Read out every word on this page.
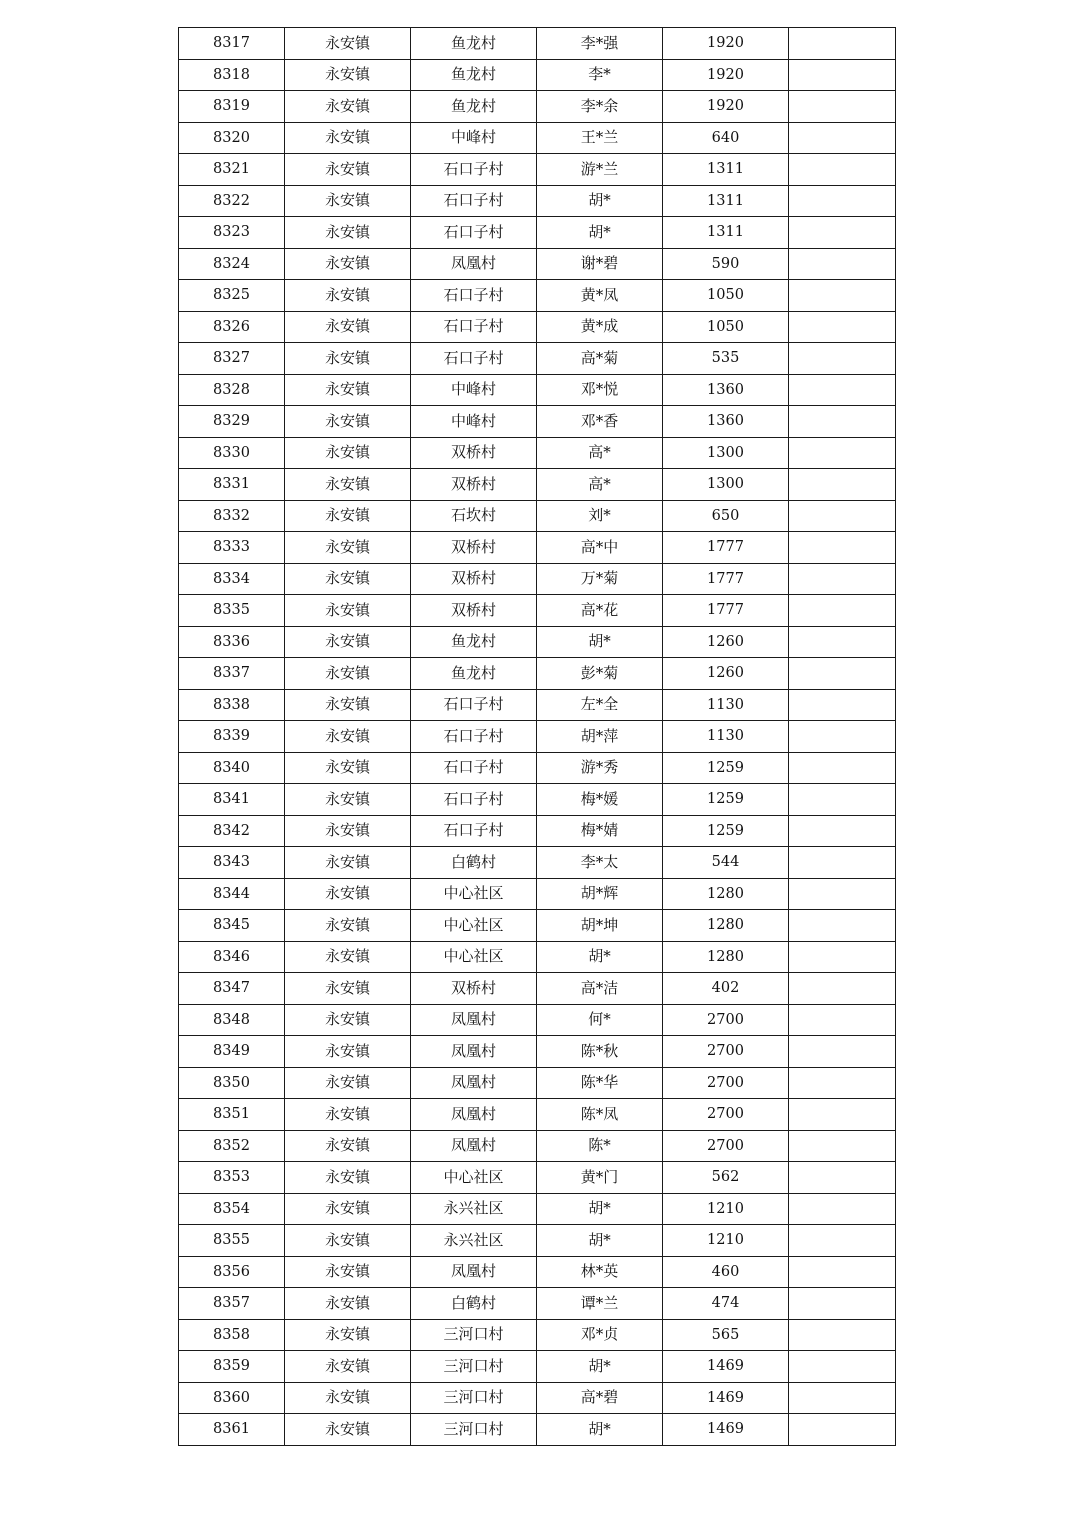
8317	永安镇	鱼龙村	李*强	1920	
8318	永安镇	鱼龙村	李*	1920	
8319	永安镇	鱼龙村	李*余	1920	
8320	永安镇	中峰村	王*兰	640	
8321	永安镇	石口子村	游*兰	1311	
8322	永安镇	石口子村	胡*	1311	
8323	永安镇	石口子村	胡*	1311	
8324	永安镇	凤凰村	谢*碧	590	
8325	永安镇	石口子村	黄*凤	1050	
8326	永安镇	石口子村	黄*成	1050	
8327	永安镇	石口子村	高*菊	535	
8328	永安镇	中峰村	邓*悦	1360	
8329	永安镇	中峰村	邓*香	1360	
8330	永安镇	双桥村	高*	1300	
8331	永安镇	双桥村	高*	1300	
8332	永安镇	石坎村	刘*	650	
8333	永安镇	双桥村	高*中	1777	
8334	永安镇	双桥村	万*菊	1777	
8335	永安镇	双桥村	高*花	1777	
8336	永安镇	鱼龙村	胡*	1260	
8337	永安镇	鱼龙村	彭*菊	1260	
8338	永安镇	石口子村	左*全	1130	
8339	永安镇	石口子村	胡*萍	1130	
8340	永安镇	石口子村	游*秀	1259	
8341	永安镇	石口子村	梅*媛	1259	
8342	永安镇	石口子村	梅*婧	1259	
8343	永安镇	白鹤村	李*太	544	
8344	永安镇	中心社区	胡*辉	1280	
8345	永安镇	中心社区	胡*坤	1280	
8346	永安镇	中心社区	胡*	1280	
8347	永安镇	双桥村	高*洁	402	
8348	永安镇	凤凰村	何*	2700	
8349	永安镇	凤凰村	陈*秋	2700	
8350	永安镇	凤凰村	陈*华	2700	
8351	永安镇	凤凰村	陈*凤	2700	
8352	永安镇	凤凰村	陈*	2700	
8353	永安镇	中心社区	黄*门	562	
8354	永安镇	永兴社区	胡*	1210	
8355	永安镇	永兴社区	胡*	1210	
8356	永安镇	凤凰村	林*英	460	
8357	永安镇	白鹤村	谭*兰	474	
8358	永安镇	三河口村	邓*贞	565	
8359	永安镇	三河口村	胡*	1469	
8360	永安镇	三河口村	高*碧	1469	
8361	永安镇	三河口村	胡*	1469	
